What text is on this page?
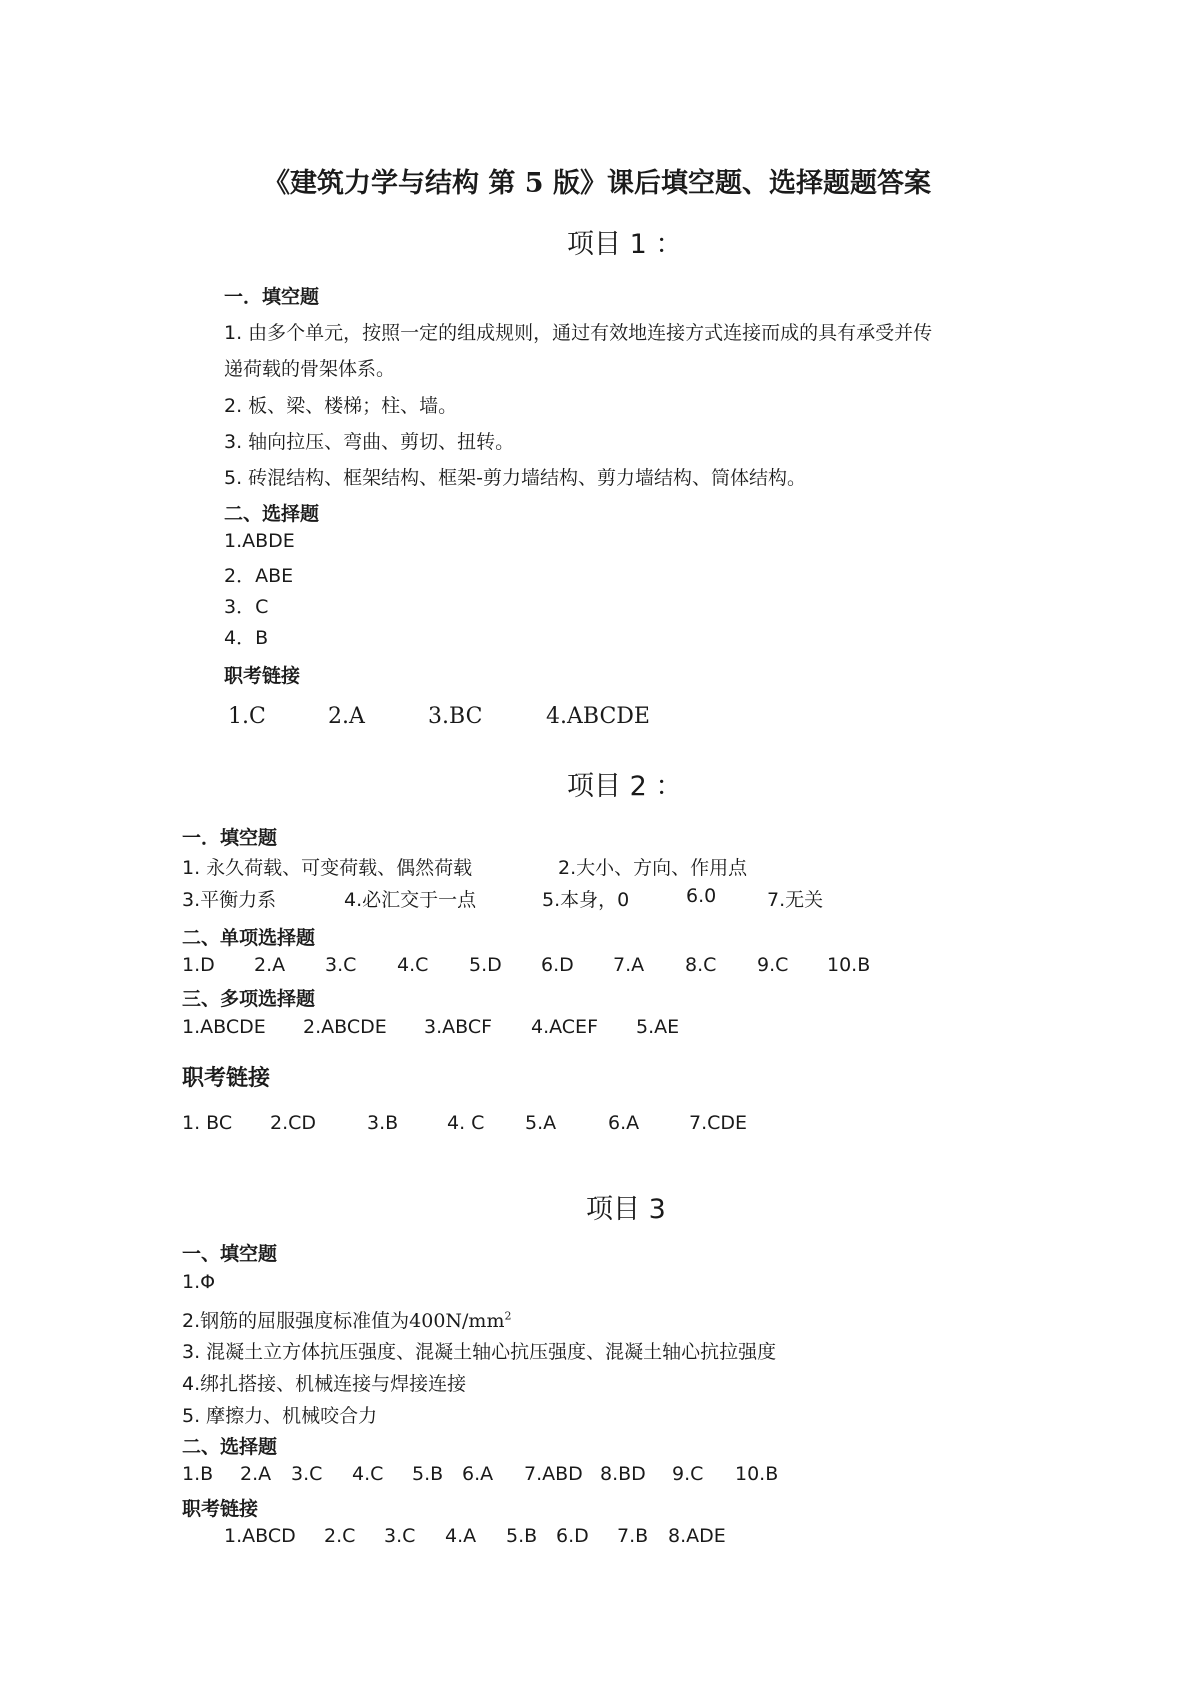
《建筑力学与结构 第 5 版》课后填空题、选择题题答案
项目 1 ：
一．填空题
1. 由多个单元，按照一定的组成规则，通过有效地连接方式连接而成的具有承受并传
递荷载的骨架体系。
2. 板、梁、楼梯；柱、墙。
3. 轴向拉压、弯曲、剪切、扭转。
5. 砖混结构、框架结构、框架-剪力墙结构、剪力墙结构、筒体结构。
二、选择题
1.ABDE
2．ABE
3．C
4．B
职考链接
1.C	2.A	3.BC	4.ABCDE
项目 2 ：
一．填空题
1. 永久荷载、可变荷载、偶然荷载	2.大小、方向、作用点
3.平衡力系	4.必汇交于一点	5.本身，0	6.0	7.无关
二、单项选择题
1.D 2.A 3.C 4.C 5.D 6.D 7.A 8.C 9.C 10.B
三、多项选择题
1.ABCDE 2.ABCDE 3.ABCF 4.ACEF 5.AE
职考链接
1. BC 2.CD	3.B	4. C 5.A	6.A	7.CDE
项目 3
一、填空题
1.Φ
2.钢筋的屈服强度标准值为$400N/mm^2$
3. 混凝土立方体抗压强度、混凝土轴心抗压强度、混凝土轴心抗拉强度
4.绑扎搭接、机械连接与焊接连接
5. 摩擦力、机械咬合力
二、选择题
1.B 2.A 3.C 4.C 5.B 6.A 7.ABD 8.BD 9.C 10.B
职考链接
1.ABCD 2.C 3.C 4.A 5.B 6.D 7.B 8.ADE
